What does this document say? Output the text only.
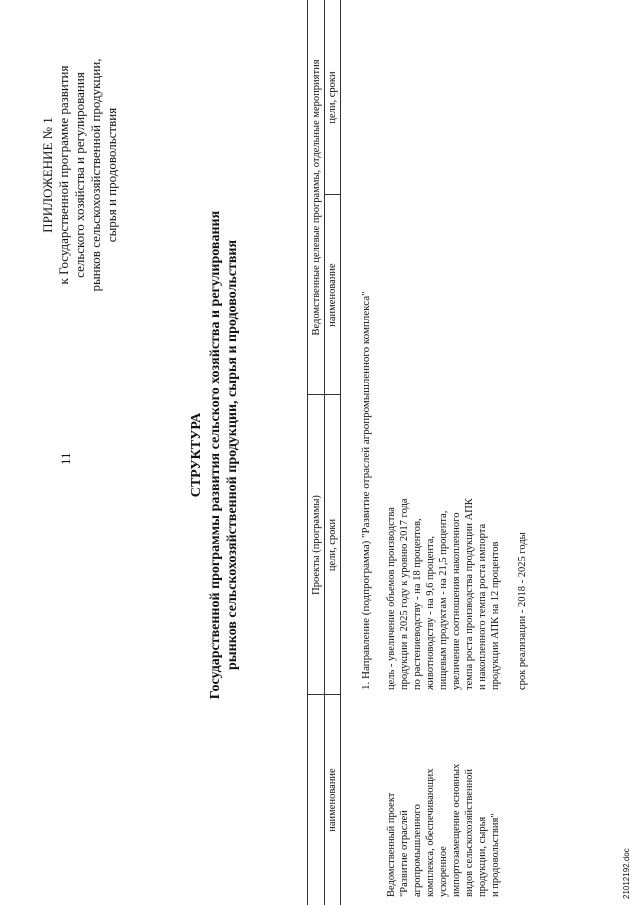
11
ПРИЛОЖЕНИЕ № 1 к Государственной программе развития сельского хозяйства и регулирования рынков сельскохозяйственной продукции, сырья и продовольствия
СТРУКТУРА Государственной программы развития сельского хозяйства и регулирования рынков сельскохозяйственной продукции, сырья и продовольствия	Проекты (программы)
Ведомственные целевые программы, отдельные мероприятия
наименование
цели, сроки
наименование
цели, сроки
1. Направление (подпрограмма) "Развитие отраслей агропромышленного комплекса"
Ведомственный проект "Развитие отраслей агропромышленного комплекса, обеспечивающих ускоренное импортозамещение основных видов сельскохозяйственной продукции, сырья и продовольствия"
цель - увеличение объемов производства продукции в 2025 году к уровню 2017 года по растениеводству - на 18 процентов, животноводству - на 9,6 процента, пищевым продуктам - на 21,5 процента, увеличение соотношения накопленного темпа роста производства продукции АПК и накопленного темпа роста импорта продукции АПК на 12 процентов срок реализации - 2018 - 2025 годы
21012192.doc
